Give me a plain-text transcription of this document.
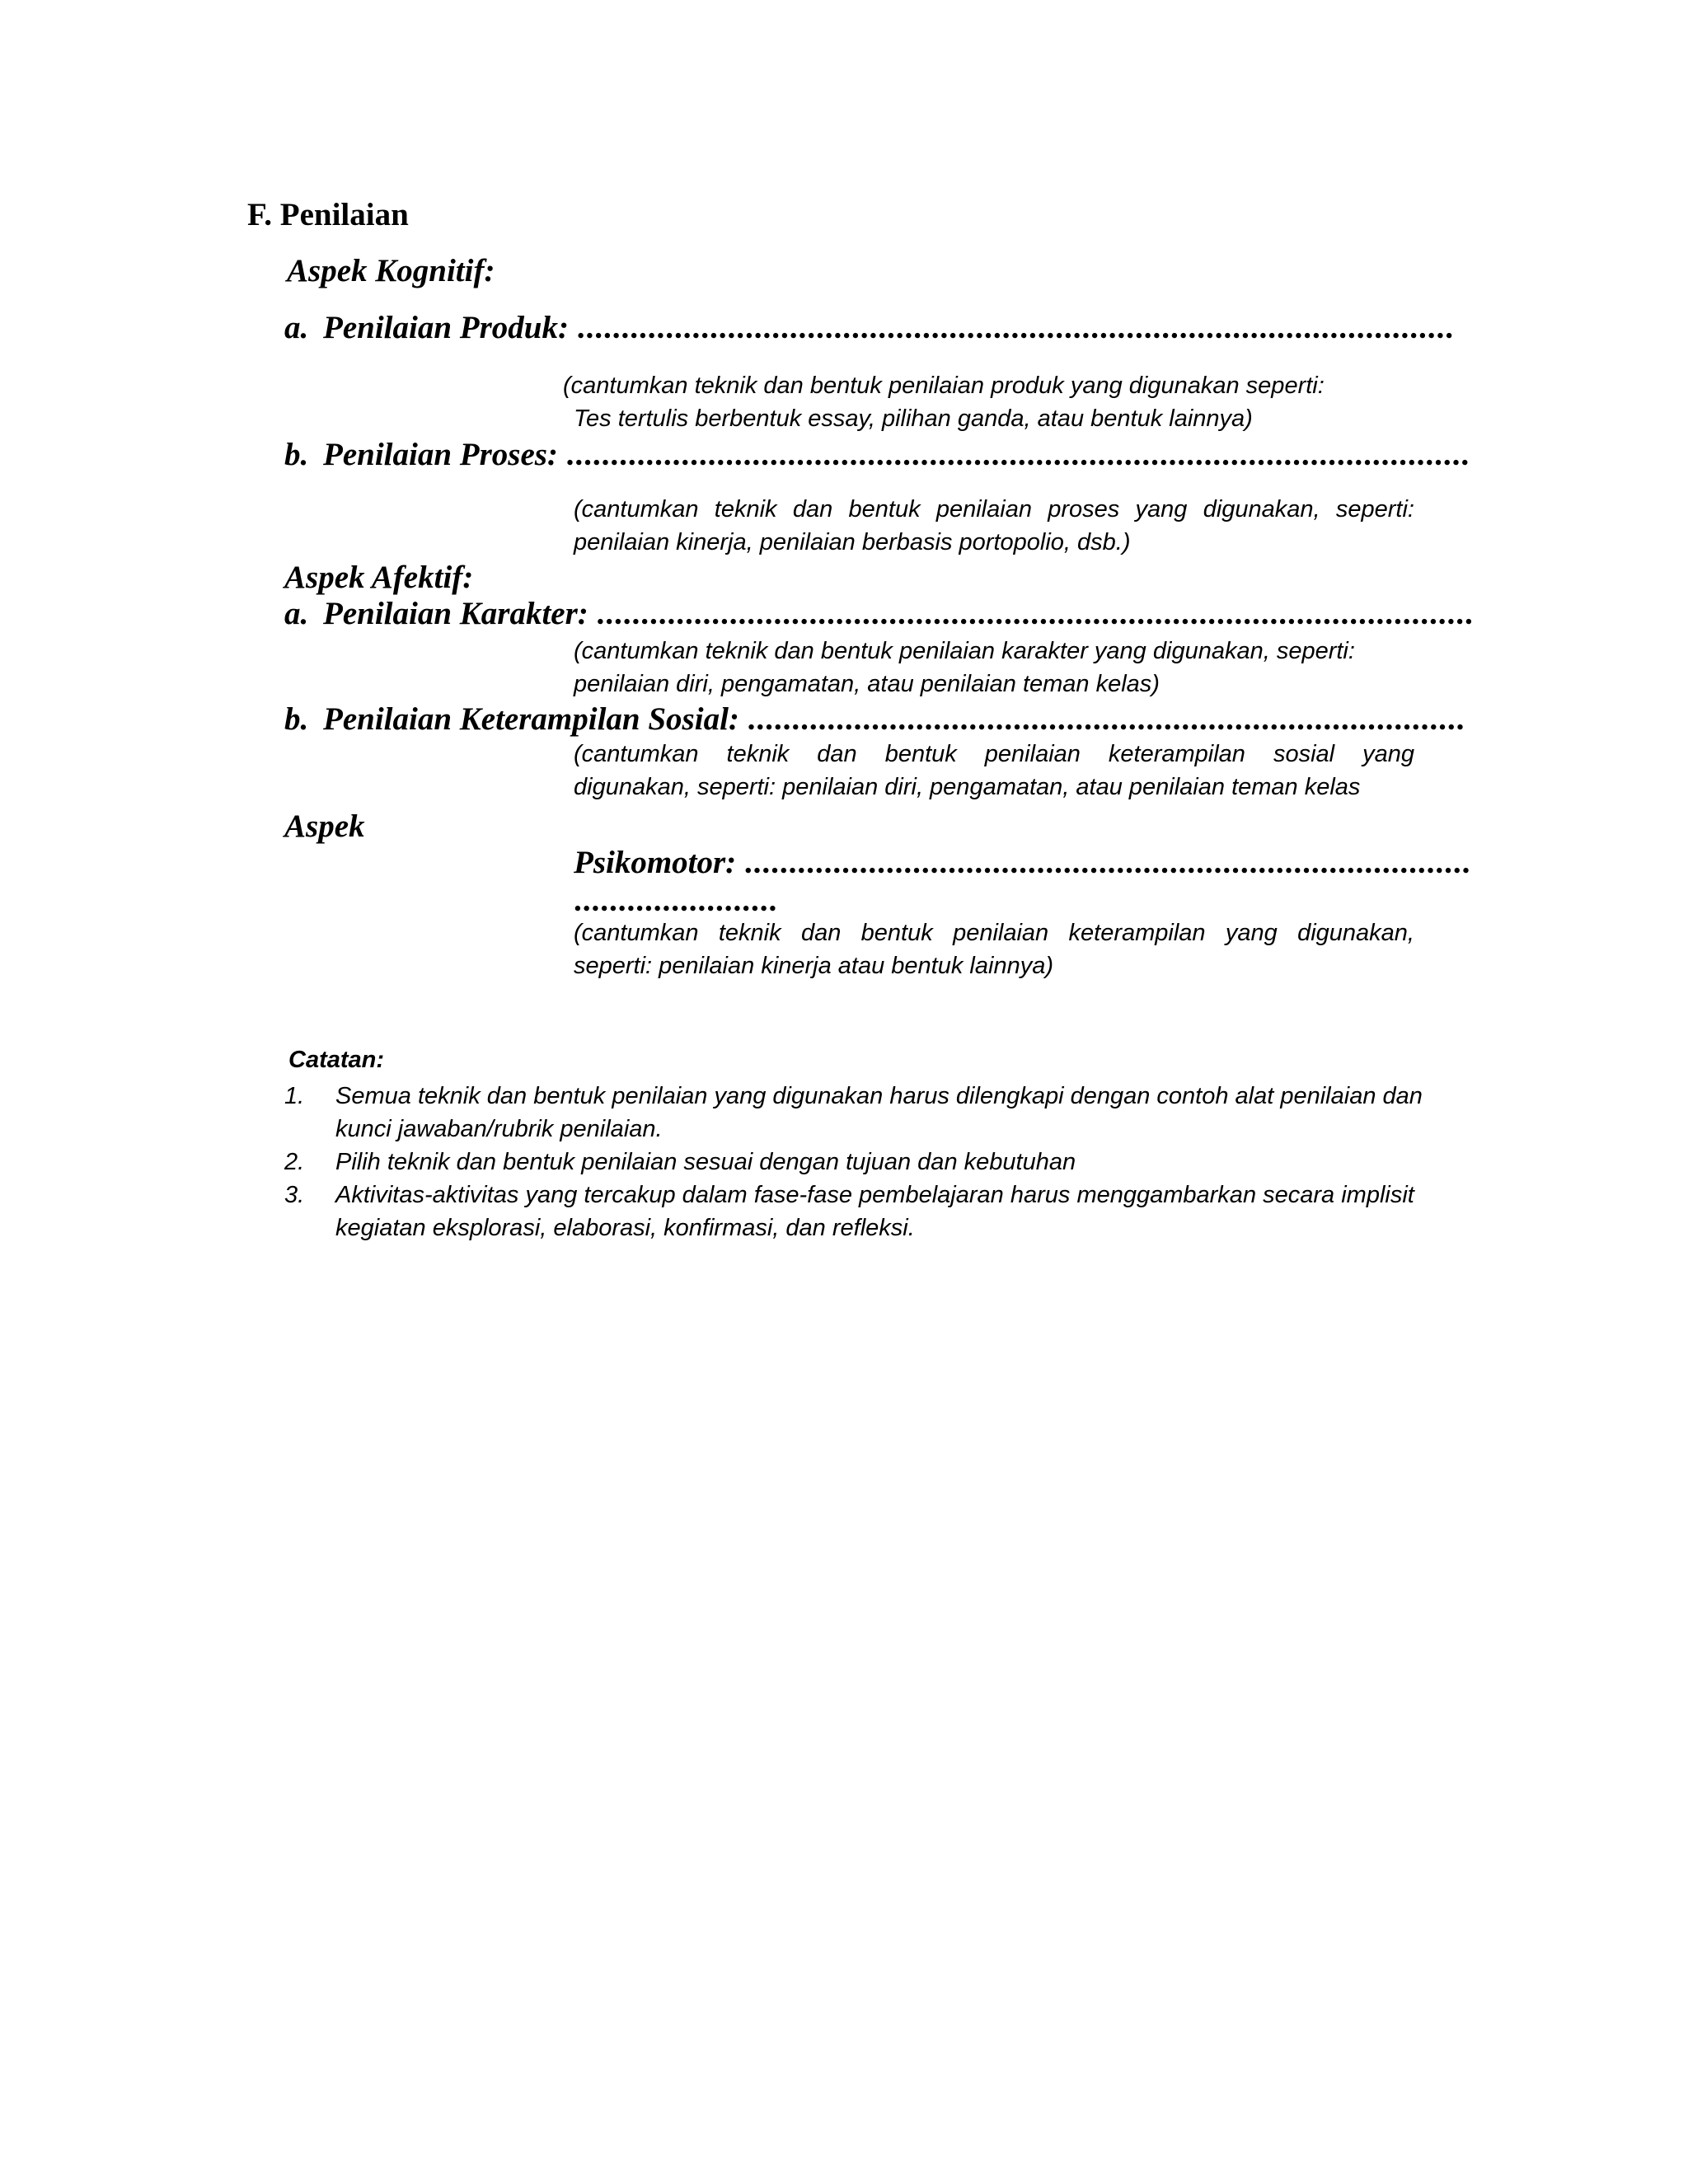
F. Penilaian
Aspek Kognitif:
a. Penilaian Produk: ...................................................................................................
(cantumkan teknik dan bentuk penilaian produk yang digunakan seperti:
Tes tertulis berbentuk essay, pilihan ganda, atau bentuk lainnya)
b. Penilaian Proses: ......................................................................................................
(cantumkan teknik dan bentuk penilaian proses yang digunakan, seperti:
penilaian kinerja, penilaian berbasis portopolio, dsb.)
Aspek Afektif:
a. Penilaian Karakter: ...................................................................................................
(cantumkan teknik dan bentuk penilaian karakter yang digunakan, seperti:
penilaian diri, pengamatan, atau penilaian teman kelas)
b. Penilaian Keterampilan Sosial: .................................................................................
(cantumkan teknik dan bentuk penilaian keterampilan sosial yang
digunakan, seperti: penilaian diri, pengamatan, atau penilaian teman kelas
Aspek
Psikomotor: ..................................................................................
.......................
(cantumkan teknik dan bentuk penilaian keterampilan yang digunakan,
seperti: penilaian kinerja atau bentuk lainnya)
Catatan:
1. Semua teknik dan bentuk penilaian yang digunakan harus dilengkapi dengan contoh alat penilaian dan kunci jawaban/rubrik penilaian.
2. Pilih teknik dan bentuk penilaian sesuai dengan tujuan dan kebutuhan
3. Aktivitas-aktivitas yang tercakup dalam fase-fase pembelajaran harus menggambarkan secara implisit kegiatan eksplorasi, elaborasi, konfirmasi, dan refleksi.
